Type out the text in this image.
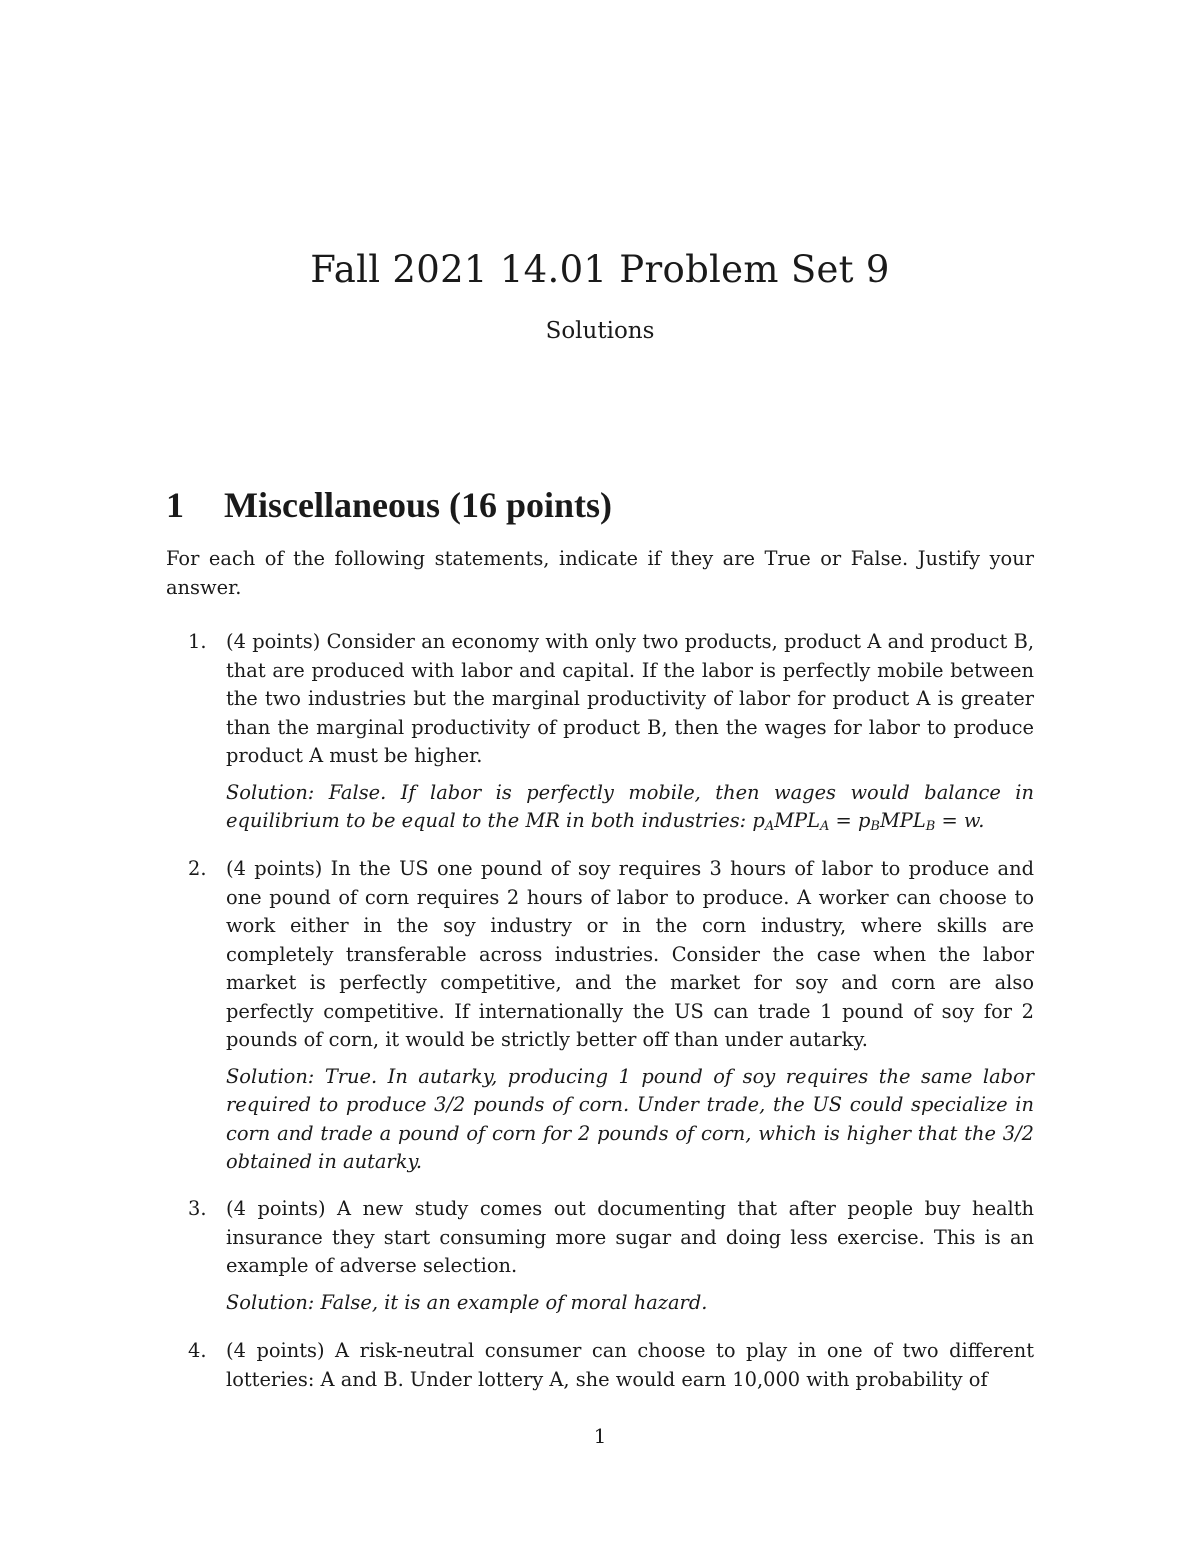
Fall 2021 14.01 Problem Set 9
Solutions
1 Miscellaneous (16 points)

For each of the following statements, indicate if they are True or False. Justify your answer.

1. (4 points) Consider an economy with only two products, product A and product B, that are produced with labor and capital. If the labor is perfectly mobile between the two industries but the marginal productivity of labor for product A is greater than the marginal productivity of product B, then the wages for labor to produce product A must be higher.

Solution: False. If labor is perfectly mobile, then wages would balance in equilibrium to be equal to the MR in both industries: $p_AMPL_A = p_BMPL_B = w$.

2. (4 points) In the US one pound of soy requires 3 hours of labor to produce and one pound of corn requires 2 hours of labor to produce. A worker can choose to work either in the soy industry or in the corn industry, where skills are completely transferable across industries. Consider the case when the labor market is perfectly competitive, and the market for soy and corn are also perfectly competitive. If internationally the US can trade 1 pound of soy for 2 pounds of corn, it would be strictly better off than under autarky.

Solution: True. In autarky, producing 1 pound of soy requires the same labor required to produce 3/2 pounds of corn. Under trade, the US could specialize in corn and trade a pound of corn for 2 pounds of corn, which is higher that the 3/2 obtained in autarky.

3. (4 points) A new study comes out documenting that after people buy health insurance they start consuming more sugar and doing less exercise. This is an example of adverse selection.

Solution: False, it is an example of moral hazard.

4. (4 points) A risk-neutral consumer can choose to play in one of two different lotteries: A and B. Under lottery A, she would earn 10,000 with probability of

1
